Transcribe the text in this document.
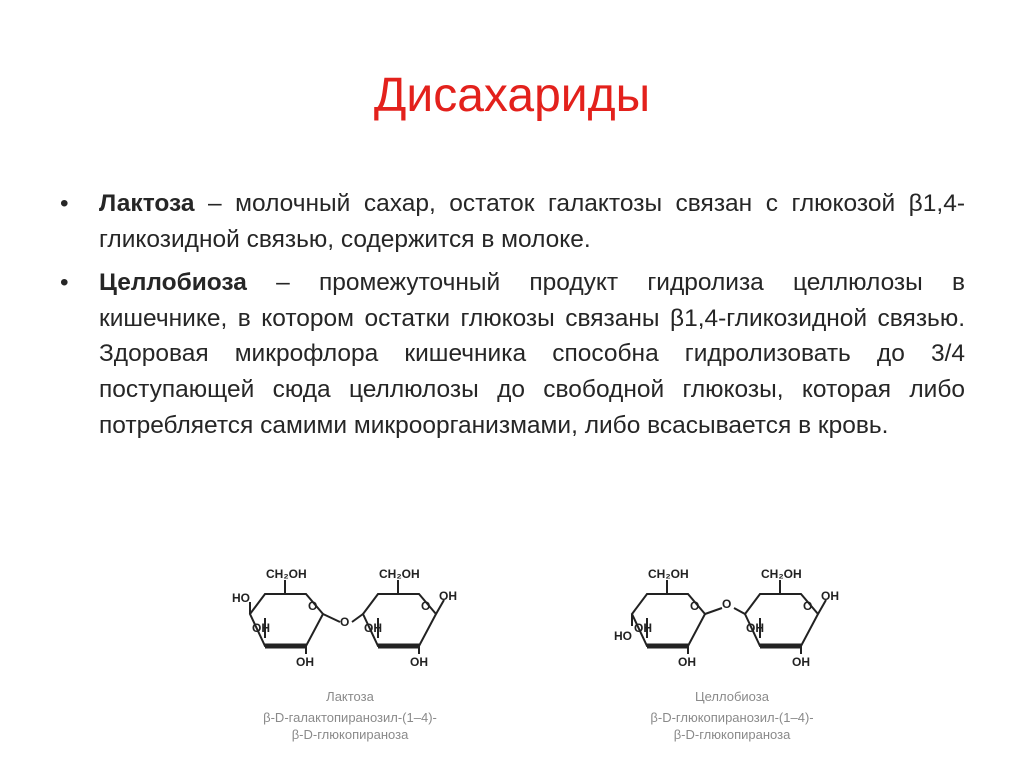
Дисахариды
• Лактоза – молочный сахар, остаток галактозы связан с глюкозой β1,4-гликозидной связью, содержится в молоке.
• Целлобиоза – промежуточный продукт гидролиза целлюлозы в кишечнике, в котором остатки глюкозы связаны β1,4-гликозидной связью. Здоровая микрофлора кишечника способна гидролизовать до 3/4 поступающей сюда целлюлозы до свободной глюкозы, которая либо потребляется самими микроорганизмами, либо всасывается в кровь.
CH₂OH	CH₂OH
HO
O
OH
OH
O
O
OH
OH
OH
Лактоза
β-D-галактопиранозил-(1–4)-
β-D-глюкопираноза
CH₂OH	CH₂OH
HO
O
OH
OH
O	O
OH
OH
OH
Целлобиоза
β-D-глюкопиранозил-(1–4)-
β-D-глюкопираноза
